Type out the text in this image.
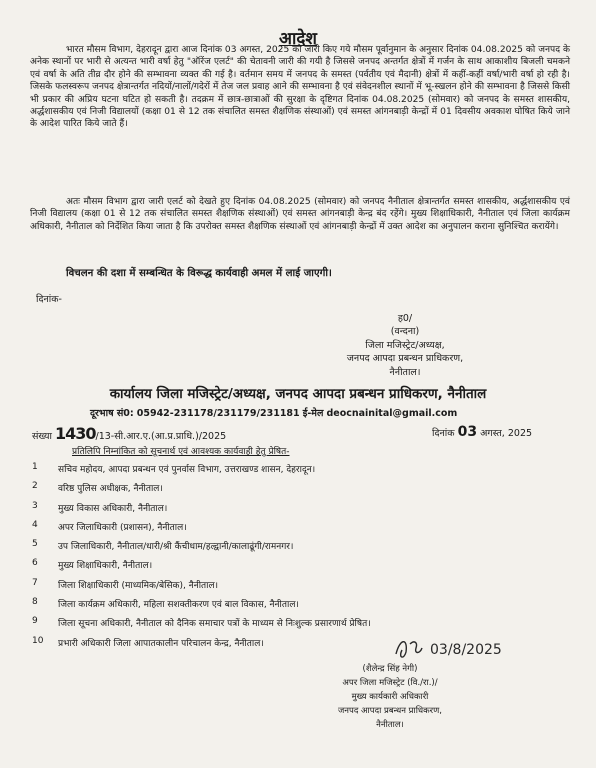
आदेश
भारत मौसम विभाग, देहरादून द्वारा आज दिनांक 03 अगस्त, 2025 को जारी किए गये मौसम पूर्वानुमान के अनुसार दिनांक 04.08.2025 को जनपद के अनेक स्थानों पर भारी से अत्यन्त भारी वर्षा हेतु "ऑरेंज एलर्ट" की चेतावनी जारी की गयी है जिससे जनपद अन्तर्गत क्षेत्रों में गर्जन के साथ आकाशीय बिजली चमकने एवं वर्षा के अति तीव्र दौर होने की सम्भावना व्यक्त की गई है। वर्तमान समय में जनपद के समस्त (पर्वतीय एवं मैदानी) क्षेत्रों में कहीं-कहीं वर्षा/भारी वर्षा हो रही है। जिसके फलस्वरूप जनपद क्षेत्रान्तर्गत नदियों/नालों/गदेरों में तेज जल प्रवाह आने की सम्भावना है एवं संवेदनशील स्थानों में भू-स्खलन होने की सम्भावना है जिससे किसी भी प्रकार की अप्रिय घटना घटित हो सकती है। तदक्रम में छात्र-छात्राओं की सुरक्षा के दृष्टिगत दिनांक 04.08.2025 (सोमवार) को जनपद के समस्त शासकीय, अर्द्धशासकीय एवं निजी विद्यालयों (कक्षा 01 से 12 तक संचालित समस्त शैक्षणिक संस्थाओं) एवं समस्त आंगनबाड़ी केन्द्रों में 01 दिवसीय अवकाश घोषित किये जाने के आदेश पारित किये जाते हैं।
अतः मौसम विभाग द्वारा जारी एलर्ट को देखते हुए दिनांक 04.08.2025 (सोमवार) को जनपद नैनीताल क्षेत्रान्तर्गत समस्त शासकीय, अर्द्धशासकीय एवं निजी विद्यालय (कक्षा 01 से 12 तक संचालित समस्त शैक्षणिक संस्थाओं) एवं समस्त आंगनबाड़ी केन्द्र बंद रहेंगे। मुख्य शिक्षाधिकारी, नैनीताल एवं जिला कार्यक्रम अधिकारी, नैनीताल को निर्देशित किया जाता है कि उपरोक्त समस्त शैक्षणिक संस्थाओं एवं आंगनबाड़ी केन्द्रों में उक्त आदेश का अनुपालन कराना सुनिश्चित करायेंगे।
विचलन की दशा में सम्बन्धित के विरूद्ध कार्यवाही अमल में लाई जाएगी।
दिनांक-
ह0/
(वन्दना)
जिला मजिस्ट्रेट/अध्यक्ष,
जनपद आपदा प्रबन्धन प्राधिकरण,
नैनीताल।
कार्यालय जिला मजिस्ट्रेट/अध्यक्ष, जनपद आपदा प्रबन्धन प्राधिकरण, नैनीताल
दूरभाष सं0: 05942-231178/231179/231181 ई-मेल deocnainital@gmail.com
संख्या 1430/13-सी.आर.ए.(आ.प्र.प्राधि.)/2025	दिनांक 03 अगस्त, 2025
प्रतिलिपि निम्नांकित को सूचनार्थ एवं आवश्यक कार्यवाही हेतु प्रेषित-
1	सचिव महोदय, आपदा प्रबन्धन एवं पुनर्वास विभाग, उत्तराखण्ड शासन, देहरादून।
2	वरिष्ठ पुलिस अधीक्षक, नैनीताल।
3	मुख्य विकास अधिकारी, नैनीताल।
4	अपर जिलाधिकारी (प्रशासन), नैनीताल।
5	उप जिलाधिकारी, नैनीताल/धारी/श्री कैंचीधाम/हल्द्वानी/कालाढूंगी/रामनगर।
6	मुख्य शिक्षाधिकारी, नैनीताल।
7	जिला शिक्षाधिकारी (माध्यमिक/बेसिक), नैनीताल।
8	जिला कार्यक्रम अधिकारी, महिला सशक्तीकरण एवं बाल विकास, नैनीताल।
9	जिला सूचना अधिकारी, नैनीताल को दैनिक समाचार पत्रों के माध्यम से निःशुल्क प्रसारणार्थ प्रेषित।
10	प्रभारी अधिकारी जिला आपातकालीन परिचालन केन्द्र, नैनीताल।	03/8/2025
(शैलेन्द्र सिंह नेगी)
अपर जिला मजिस्ट्रेट (वि./रा.)/
मुख्य कार्यकारी अधिकारी
जनपद आपदा प्रबन्धन प्राधिकरण,
नैनीताल।
